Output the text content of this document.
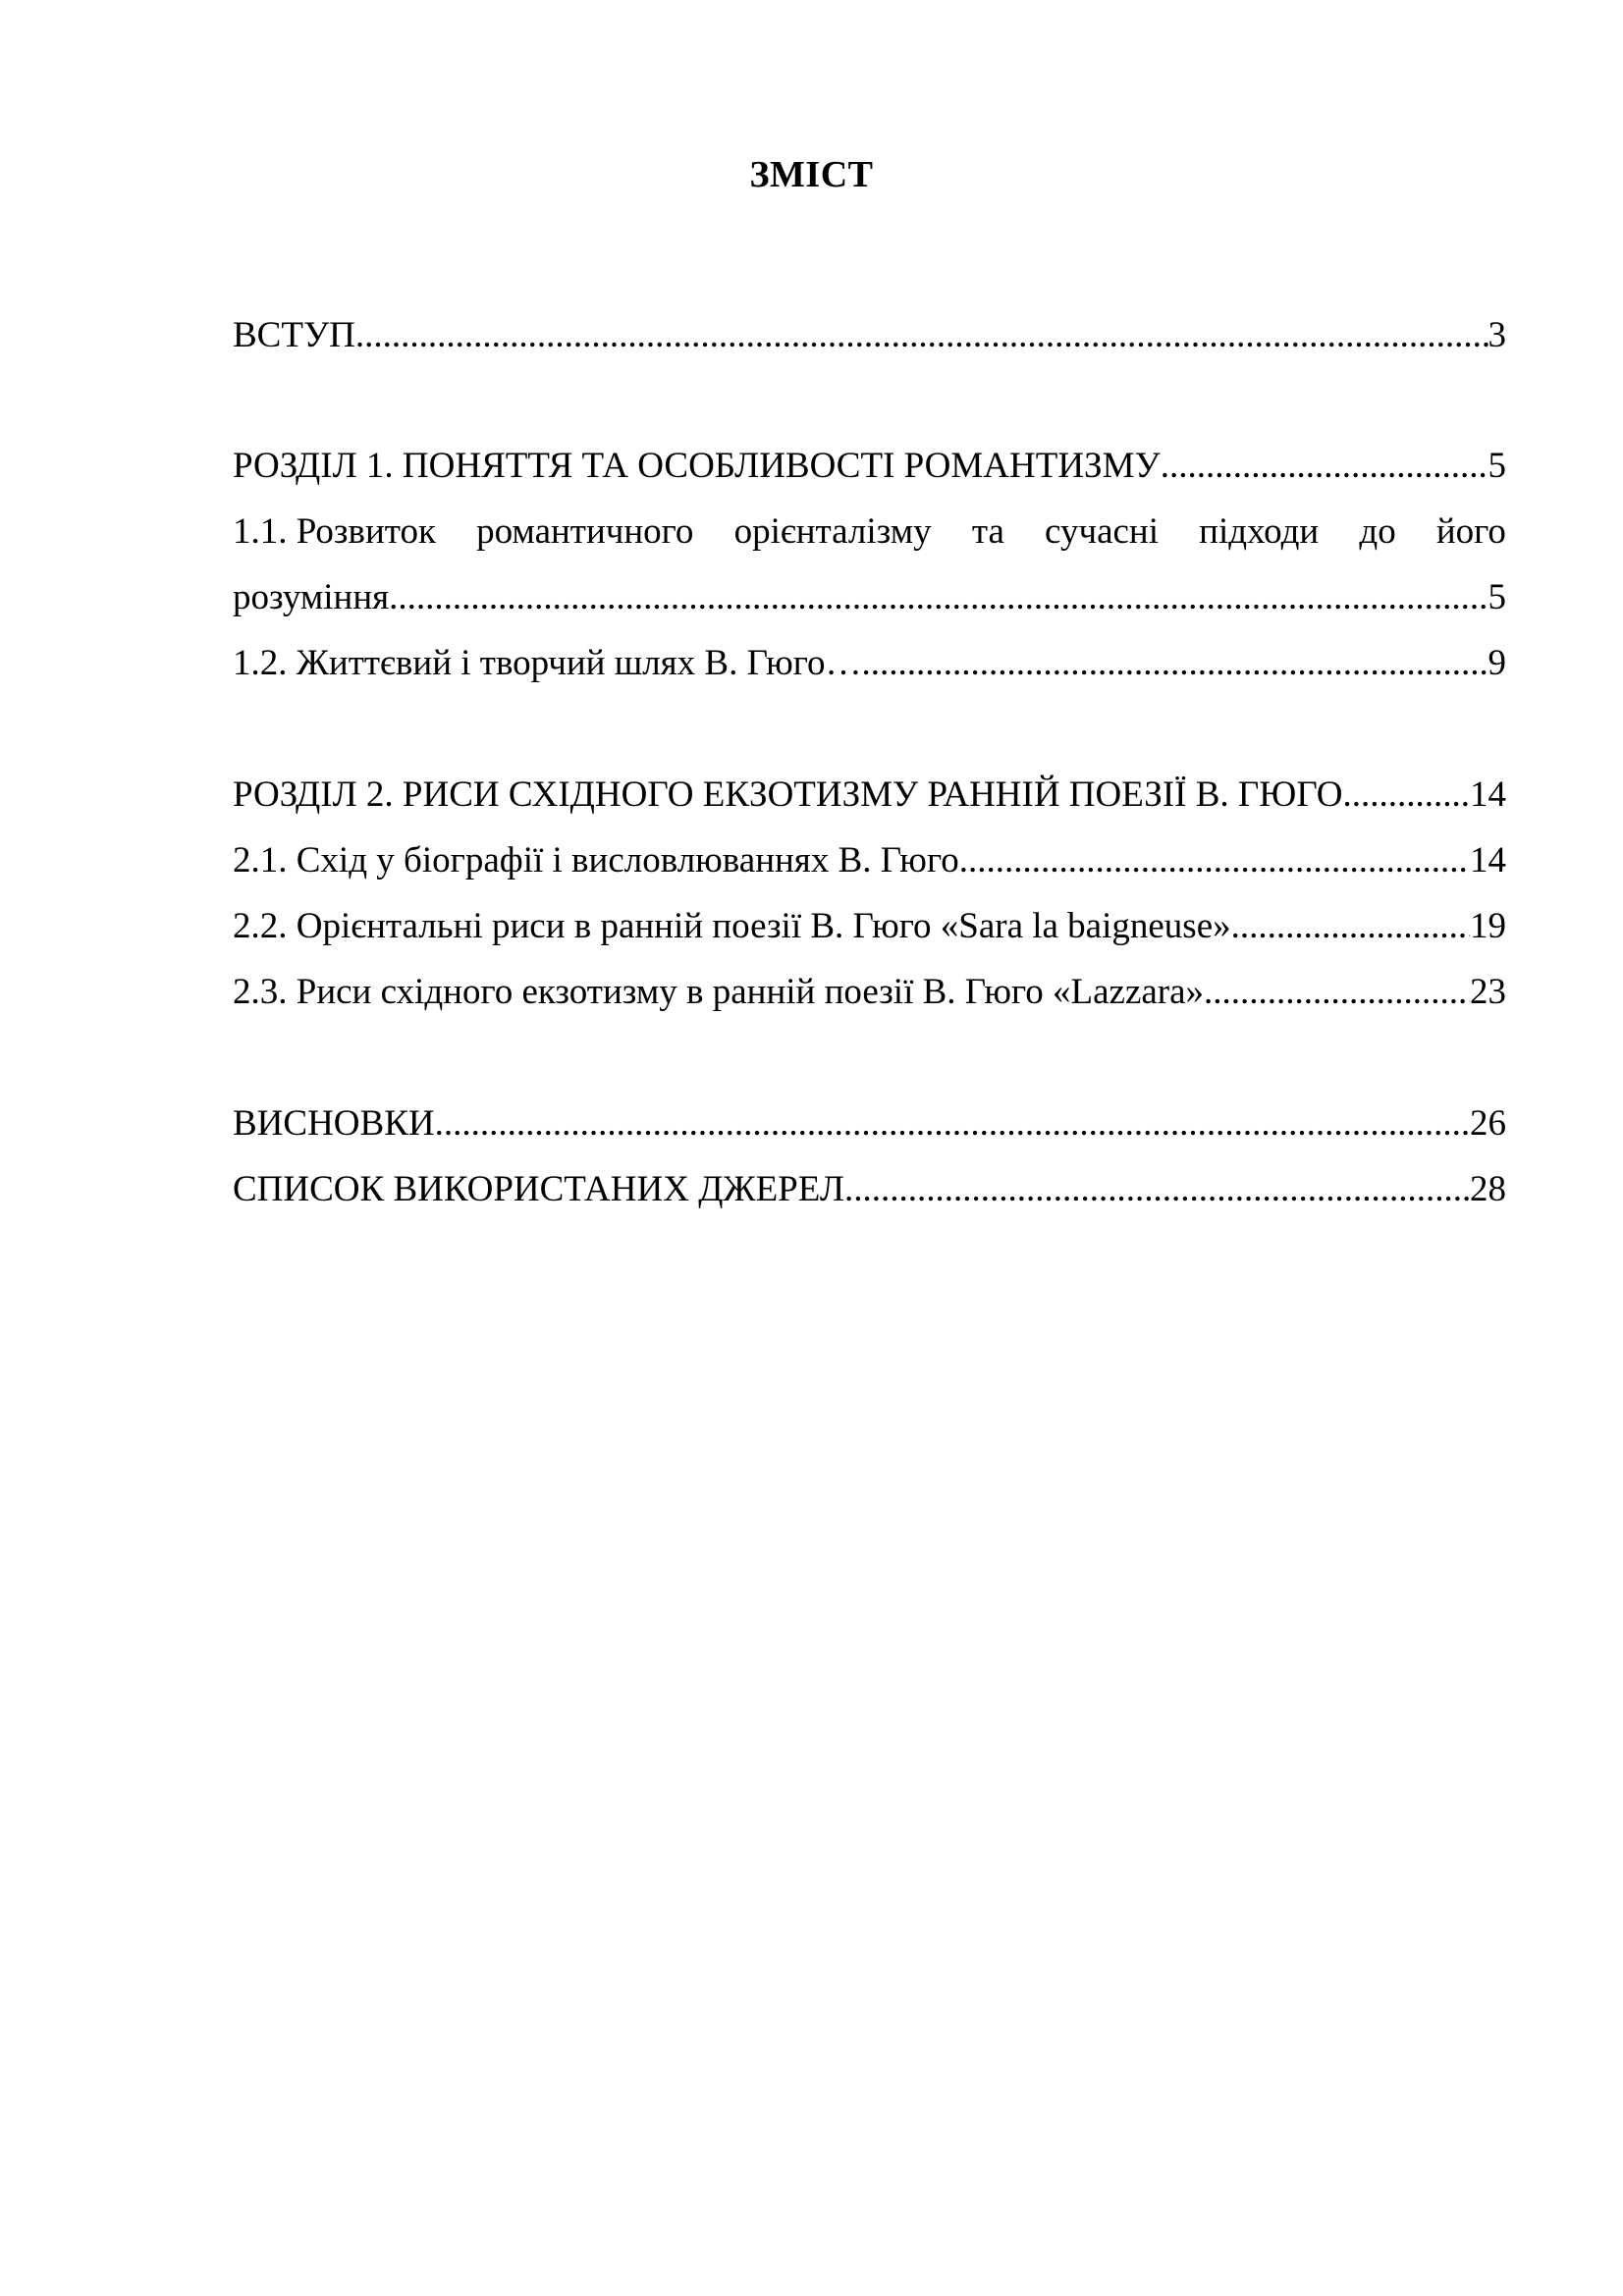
ЗМІСТ
ВСТУП .....	3
РОЗДІЛ 1. ПОНЯТТЯ ТА ОСОБЛИВОСТІ РОМАНТИЗМУ .....	5
1.1. Розвиток романтичного орієнталізму та сучасні підходи до його
розуміння .....	5
1.2. Життєвий і творчий шлях В. Гюго… .....	9
РОЗДІЛ 2. РИСИ СХІДНОГО ЕКЗОТИЗМУ РАННІЙ ПОЕЗІЇ В. ГЮГО .....	14
2.1. Схід у біографії і висловлюваннях В. Гюго .....	14
2.2. Орієнтальні риси в ранній поезії В. Гюго «Sara la baigneuse» .....	19
2.3. Риси східного екзотизму в ранній поезії В. Гюго «Lazzara» .....	23
ВИСНОВКИ .....	26
СПИСОК ВИКОРИСТАНИХ ДЖЕРЕЛ .....	28
